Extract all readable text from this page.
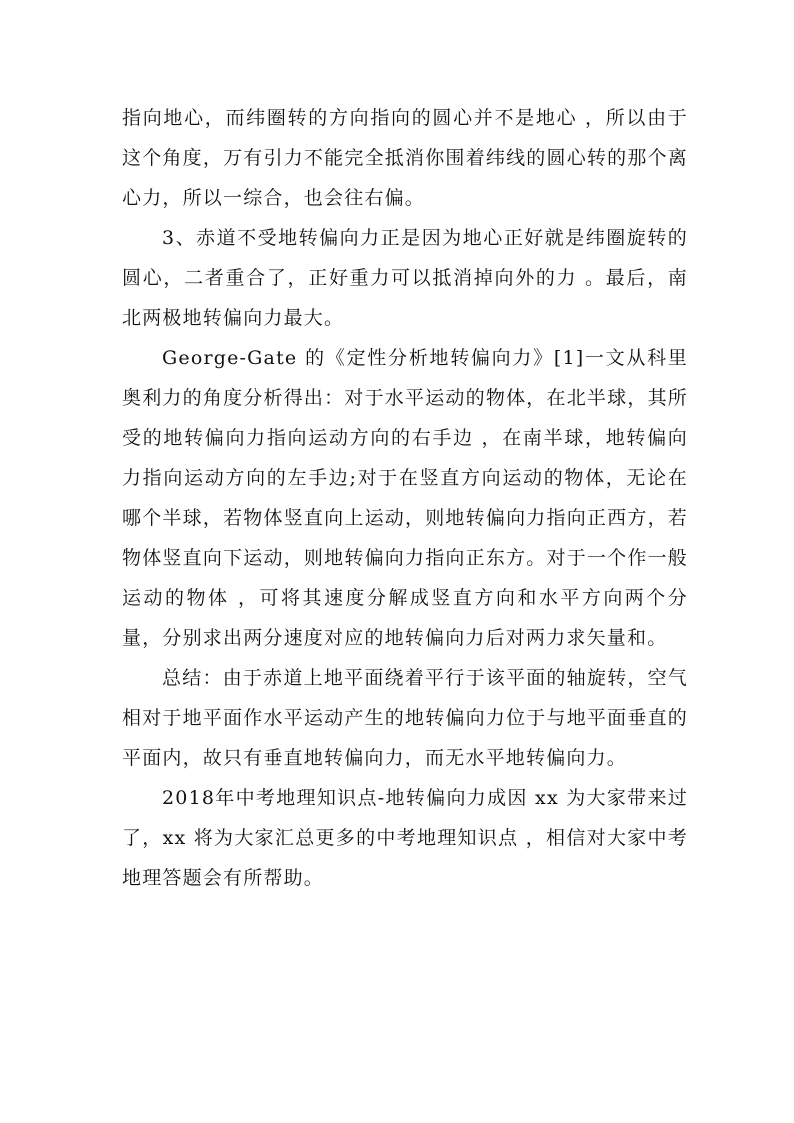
指向地心，而纬圈转的方向指向的圆心并不是地心 ，所以由于这个角度，万有引力不能完全抵消你围着纬线的圆心转的那个离心力，所以一综合，也会往右偏。

3、赤道不受地转偏向力正是因为地心正好就是纬圈旋转的圆心，二者重合了，正好重力可以抵消掉向外的力 。最后，南北两极地转偏向力最大。

George-Gate 的《定性分析地转偏向力》[1]一文从科里奥利力的角度分析得出：对于水平运动的物体，在北半球，其所受的地转偏向力指向运动方向的右手边 ，在南半球，地转偏向力指向运动方向的左手边;对于在竖直方向运动的物体，无论在哪个半球，若物体竖直向上运动，则地转偏向力指向正西方，若物体竖直向下运动，则地转偏向力指向正东方。对于一个作一般运动的物体 ，可将其速度分解成竖直方向和水平方向两个分量，分别求出两分速度对应的地转偏向力后对两力求矢量和。

总结：由于赤道上地平面绕着平行于该平面的轴旋转，空气相对于地平面作水平运动产生的地转偏向力位于与地平面垂直的平面内，故只有垂直地转偏向力，而无水平地转偏向力。

2018年中考地理知识点-地转偏向力成因 xx 为大家带来过了，xx 将为大家汇总更多的中考地理知识点 ，相信对大家中考地理答题会有所帮助。
